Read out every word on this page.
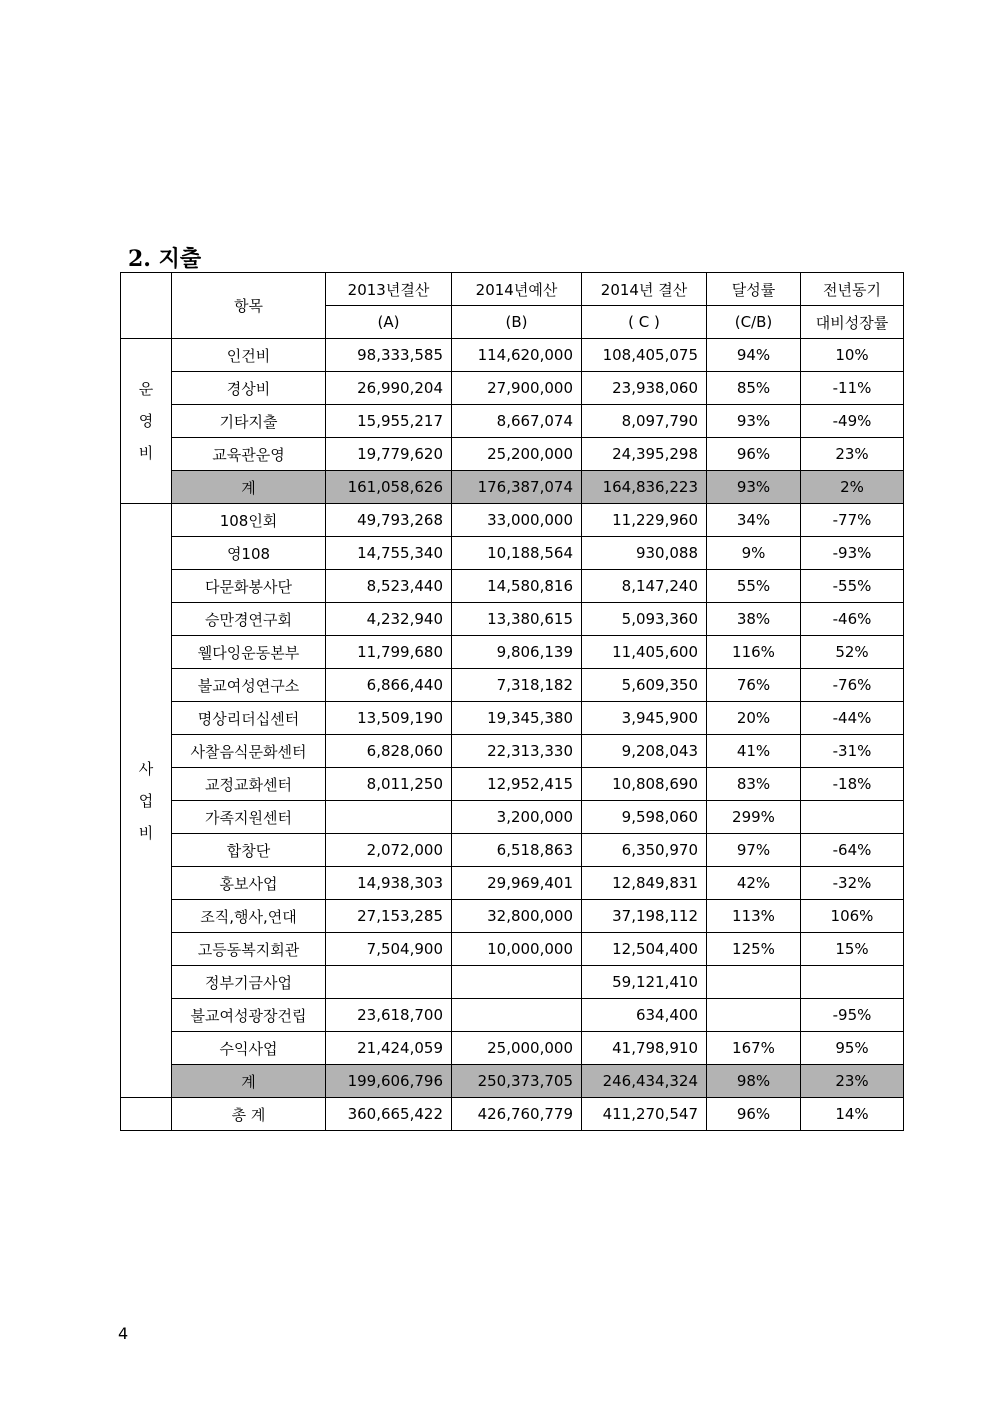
2. 지출
	항목	2013년결산	2014년예산	2014년 결산	달성률	전년동기
		(A)	(B)	( C )	(C/B)	대비성장률

운
영
비	인건비	98,333,585	114,620,000	108,405,075	94%	10%
	경상비	26,990,204	27,900,000	23,938,060	85%	-11%
	기타지출	15,955,217	8,667,074	8,097,790	93%	-49%
	교육관운영	19,779,620	25,200,000	24,395,298	96%	23%
	계	161,058,626	176,387,074	164,836,223	93%	2%

사
업
비	108인회	49,793,268	33,000,000	11,229,960	34%	-77%
	영108	14,755,340	10,188,564	930,088	9%	-93%
	다문화봉사단	8,523,440	14,580,816	8,147,240	55%	-55%
	승만경연구회	4,232,940	13,380,615	5,093,360	38%	-46%
	웰다잉운동본부	11,799,680	9,806,139	11,405,600	116%	52%
	불교여성연구소	6,866,440	7,318,182	5,609,350	76%	-76%
	명상리더십센터	13,509,190	19,345,380	3,945,900	20%	-44%
	사찰음식문화센터	6,828,060	22,313,330	9,208,043	41%	-31%
	교정교화센터	8,011,250	12,952,415	10,808,690	83%	-18%
	가족지원센터		3,200,000	9,598,060	299%	
	합창단	2,072,000	6,518,863	6,350,970	97%	-64%
	홍보사업	14,938,303	29,969,401	12,849,831	42%	-32%
	조직,행사,연대	27,153,285	32,800,000	37,198,112	113%	106%
	고등동복지회관	7,504,900	10,000,000	12,504,400	125%	15%
	정부기금사업			59,121,410		
	불교여성광장건립	23,618,700		634,400		-95%
	수익사업	21,424,059	25,000,000	41,798,910	167%	95%
	계	199,606,796	250,373,705	246,434,324	98%	23%
	총 계	360,665,422	426,760,779	411,270,547	96%	14%
4
